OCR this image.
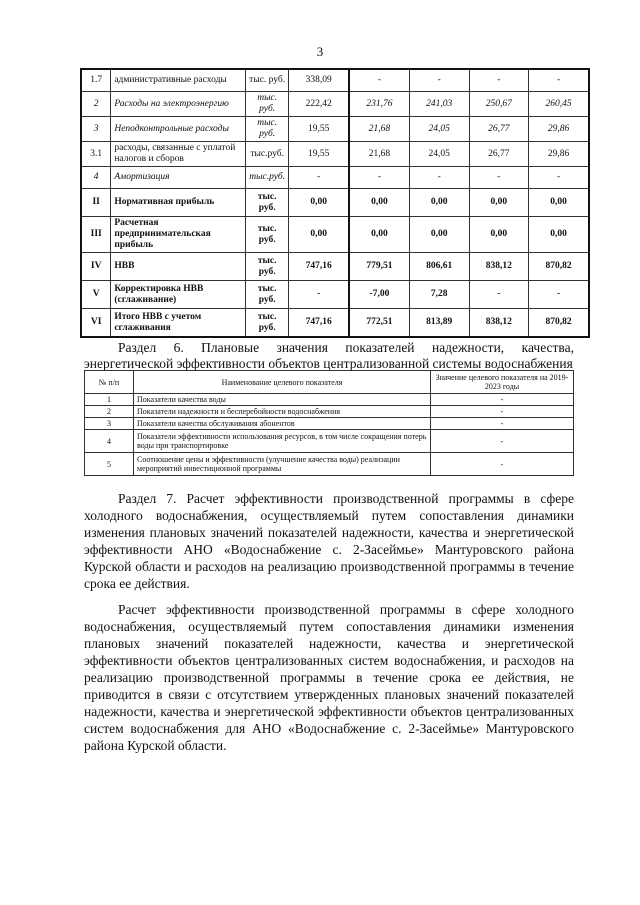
3
1.7	административные расходы	тыс. руб.	338,09	-	-	-	-
2	Расходы на электроэнергию	тыс. руб.	222,42	231,76	241,03	250,67	260,45
3	Неподконтрольные расходы	тыс. руб.	19,55	21,68	24,05	26,77	29,86
3.1	расходы, связанные с уплатой налогов и сборов	тыс.руб.	19,55	21,68	24,05	26,77	29,86
4	Амортизация	тыс.руб.	-	-	-	-	-
II	Нормативная прибыль	тыс. руб.	0,00	0,00	0,00	0,00	0,00
III	Расчетная предпринимательская прибыль	тыс. руб.	0,00	0,00	0,00	0,00	0,00
IV	НВВ	тыс. руб.	747,16	779,51	806,61	838,12	870,82
V	Корректировка НВВ (сглаживание)	тыс. руб.	-	-7,00	7,28	-	-
VI	Итого НВВ с учетом сглаживания	тыс. руб.	747,16	772,51	813,89	838,12	870,82
Раздел 6. Плановые значения показателей надежности, качества,
энергетической эффективности объектов централизованной системы водоснабжения
№ п/п	Наименование целевого показателя	Значение целевого показателя на 2019-2023 годы
1	Показатели качества воды	-
2	Показатели надежности и бесперебойности водоснабжения	-
3	Показатели качества обслуживания абонентов	-
4	Показатели эффективности использования ресурсов, в том числе сокращения потерь воды при транспортировке	-
5	Соотношение цены и эффективности (улучшение качества воды) реализации мероприятий инвестиционной программы	-

Раздел 7. Расчет эффективности производственной программы в сфере холодного водоснабжения, осуществляемый путем сопоставления динамики изменения плановых значений показателей надежности, качества и энергетической эффективности АНО «Водоснабжение с. 2-Засеймье» Мантуровского района Курской области и расходов на реализацию производственной программы в течение срока ее действия.

Расчет эффективности производственной программы в сфере холодного водоснабжения, осуществляемый путем сопоставления динамики изменения плановых значений показателей надежности, качества и энергетической эффективности объектов централизованных систем водоснабжения, и расходов на реализацию производственной программы в течение срока ее действия, не приводится в связи с отсутствием утвержденных плановых значений показателей надежности, качества и энергетической эффективности объектов централизованных систем водоснабжения для АНО «Водоснабжение с. 2-Засеймье» Мантуровского района Курской области.
